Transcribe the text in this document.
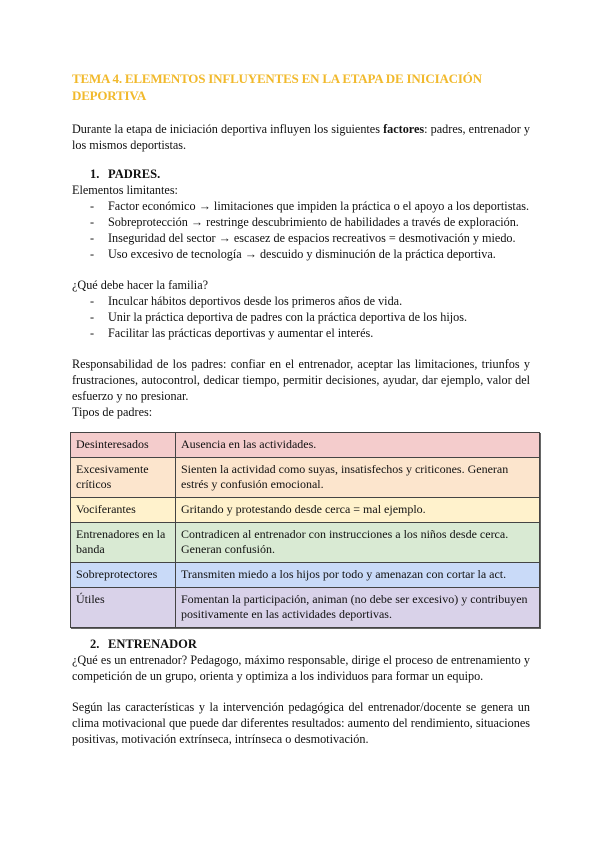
TEMA 4. ELEMENTOS INFLUYENTES EN LA ETAPA DE INICIACIÓN DEPORTIVA

Durante la etapa de iniciación deportiva influyen los siguientes factores: padres, entrenador y los mismos deportistas.

1. PADRES.

Elementos limitantes:

- Factor económico → limitaciones que impiden la práctica o el apoyo a los deportistas.
- Sobreprotección → restringe descubrimiento de habilidades a través de exploración.
- Inseguridad del sector → escasez de espacios recreativos = desmotivación y miedo.
- Uso excesivo de tecnología → descuido y disminución de la práctica deportiva.

¿Qué debe hacer la familia?

- Inculcar hábitos deportivos desde los primeros años de vida.
- Unir la práctica deportiva de padres con la práctica deportiva de los hijos.
- Facilitar las prácticas deportivas y aumentar el interés.

Responsabilidad de los padres: confiar en el entrenador, aceptar las limitaciones, triunfos y frustraciones, autocontrol, dedicar tiempo, permitir decisiones, ayudar, dar ejemplo, valor del esfuerzo y no presionar.

Tipos de padres:

Desinteresados	Ausencia en las actividades.
Excesivamente críticos	Sienten la actividad como suyas, insatisfechos y criticones. Generan estrés y confusión emocional.
Vociferantes	Gritando y protestando desde cerca = mal ejemplo.
Entrenadores en la banda	Contradicen al entrenador con instrucciones a los niños desde cerca. Generan confusión.
Sobreprotectores	Transmiten miedo a los hijos por todo y amenazan con cortar la act.
Útiles	Fomentan la participación, animan (no debe ser excesivo) y contribuyen positivamente en las actividades deportivas.
2. ENTRENADOR

¿Qué es un entrenador? Pedagogo, máximo responsable, dirige el proceso de entrenamiento y competición de un grupo, orienta y optimiza a los individuos para formar un equipo.

Según las características y la intervención pedagógica del entrenador/docente se genera un clima motivacional que puede dar diferentes resultados: aumento del rendimiento, situaciones positivas, motivación extrínseca, intrínseca o desmotivación.
